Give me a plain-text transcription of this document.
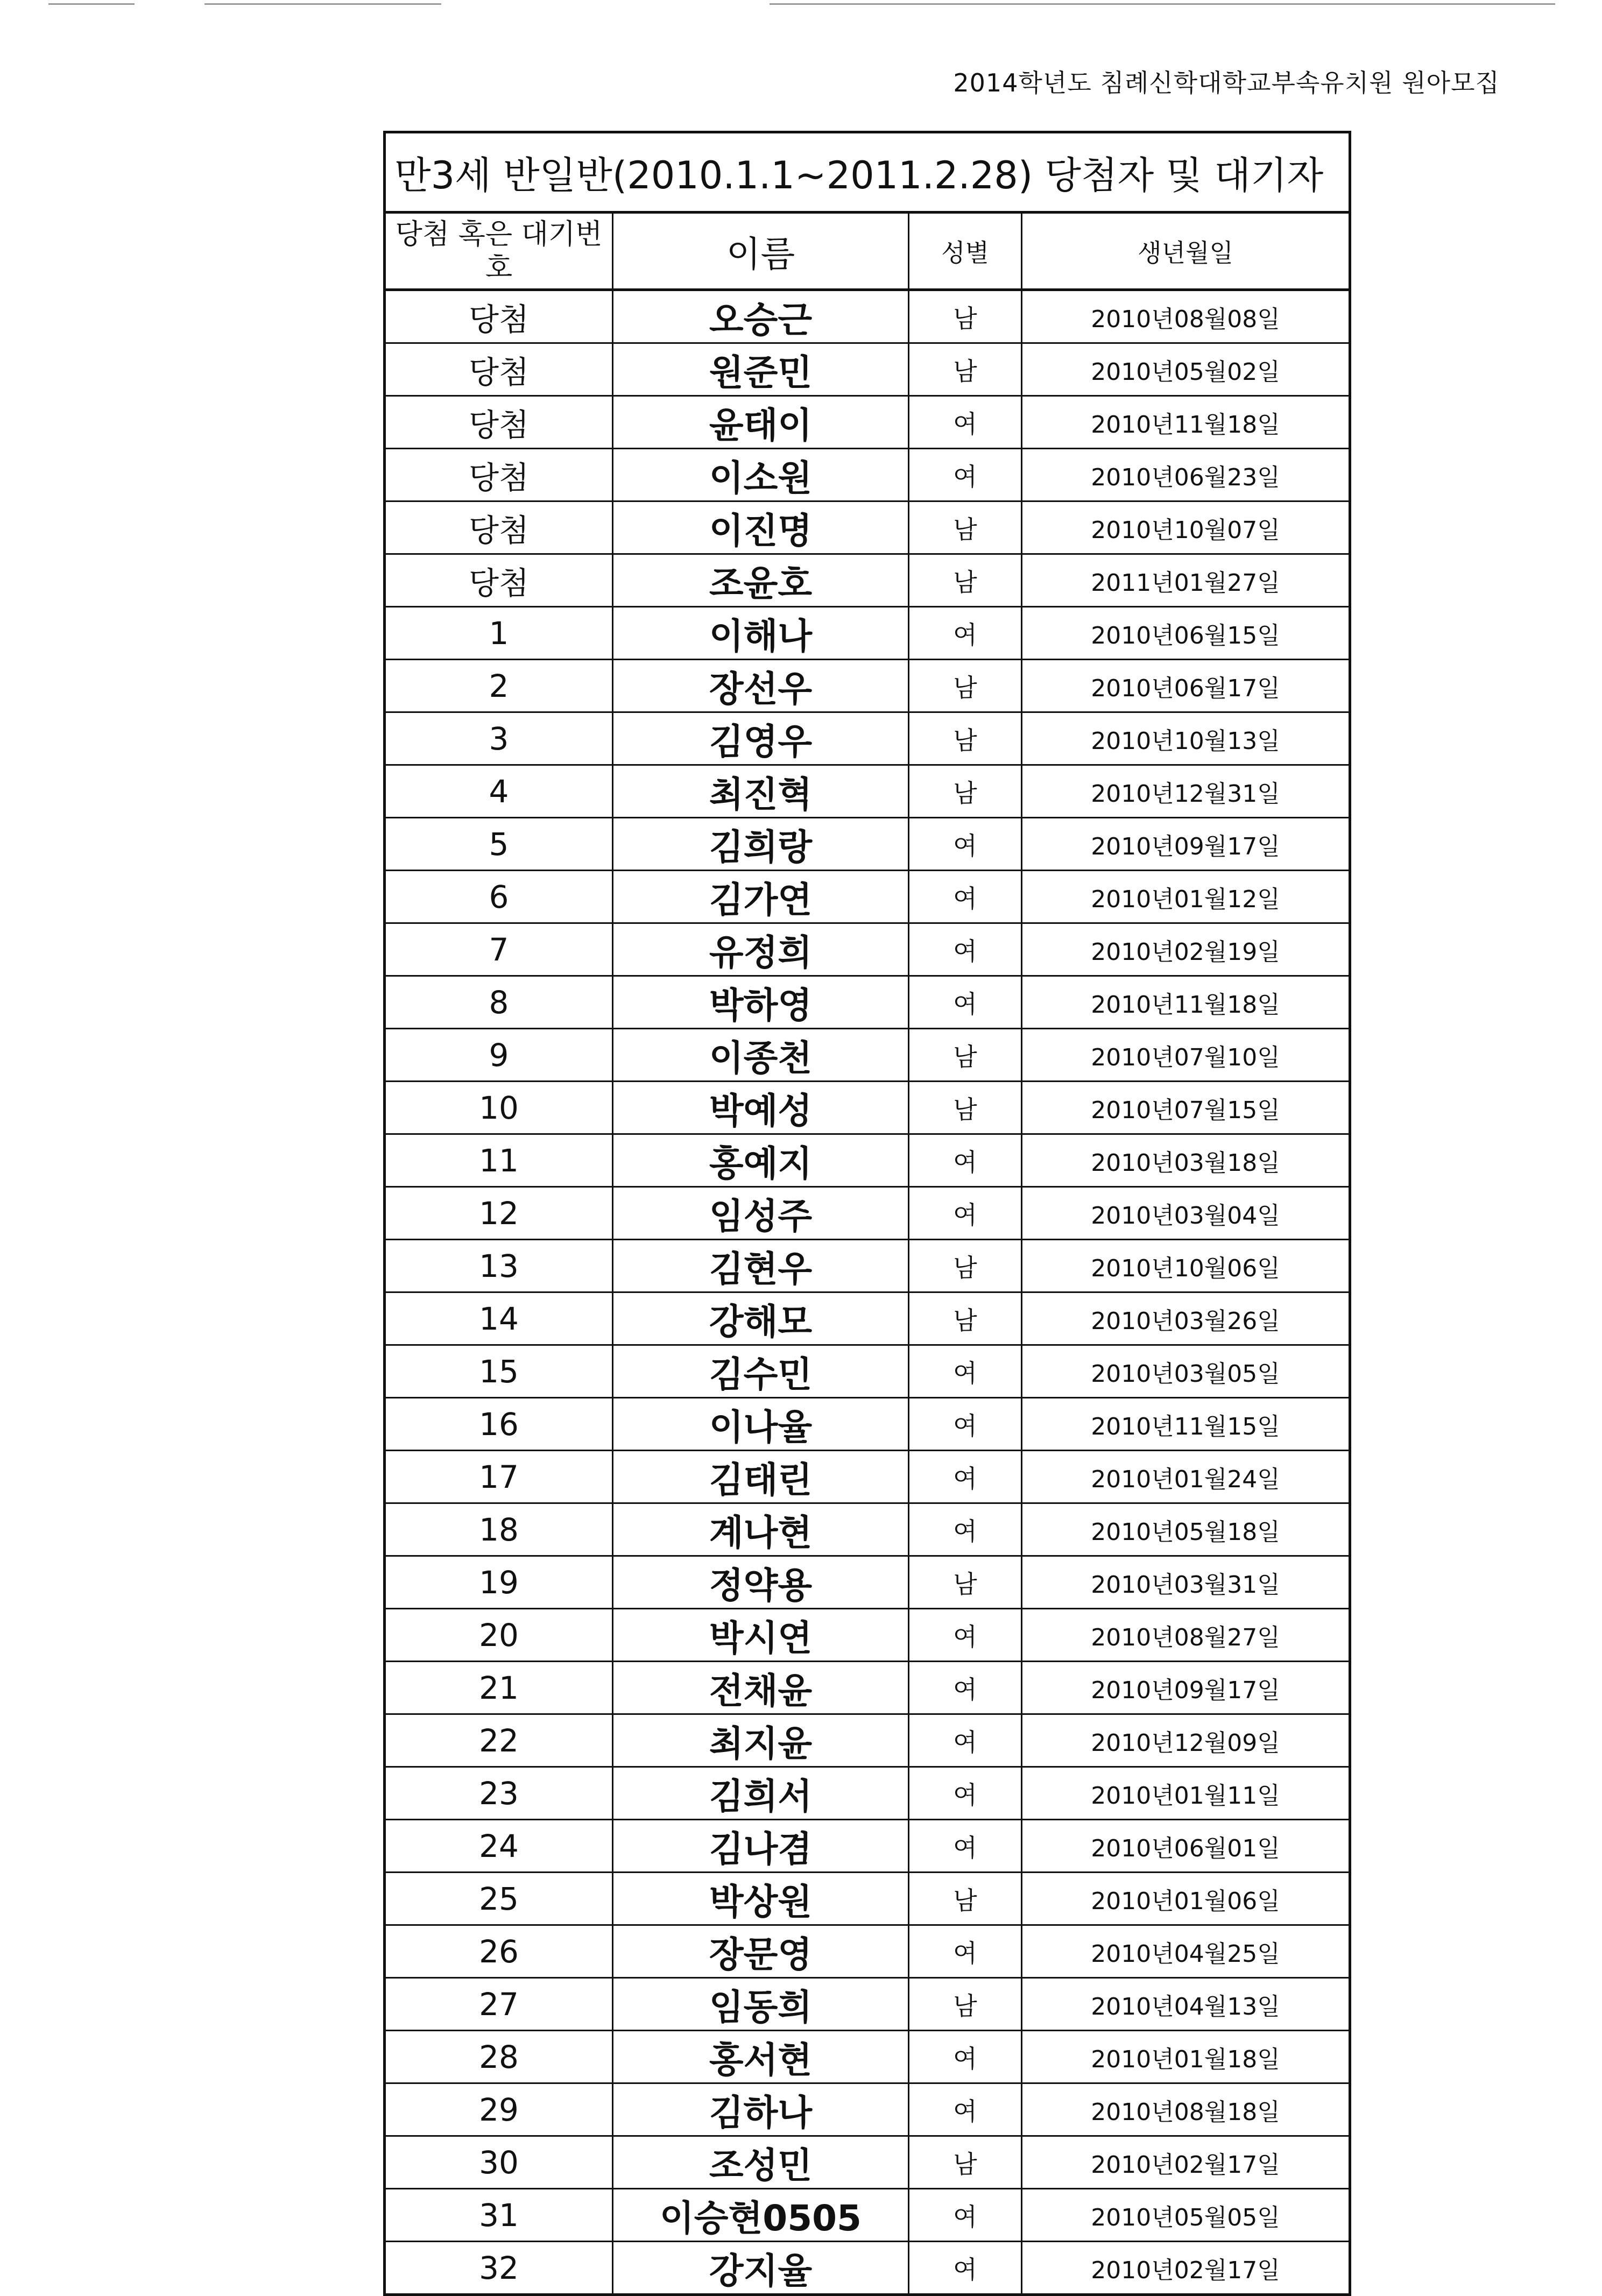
2014학년도 침례신학대학교부속유치원 원아모집
만3세 반일반(2010.1.1~2011.2.28) 당첨자 및 대기자			
당첨 혹은 대기번호	이름	성별	생년월일
당첨	오승근	남	2010년08월08일
당첨	원준민	남	2010년05월02일
당첨	윤태이	여	2010년11월18일
당첨	이소원	여	2010년06월23일
당첨	이진명	남	2010년10월07일
당첨	조윤호	남	2011년01월27일
1	이해나	여	2010년06월15일
2	장선우	남	2010년06월17일
3	김영우	남	2010년10월13일
4	최진혁	남	2010년12월31일
5	김희랑	여	2010년09월17일
6	김가연	여	2010년01월12일
7	유정희	여	2010년02월19일
8	박하영	여	2010년11월18일
9	이종천	남	2010년07월10일
10	박예성	남	2010년07월15일
11	홍예지	여	2010년03월18일
12	임성주	여	2010년03월04일
13	김현우	남	2010년10월06일
14	강해모	남	2010년03월26일
15	김수민	여	2010년03월05일
16	이나율	여	2010년11월15일
17	김태린	여	2010년01월24일
18	계나현	여	2010년05월18일
19	정약용	남	2010년03월31일
20	박시연	여	2010년08월27일
21	전채윤	여	2010년09월17일
22	최지윤	여	2010년12월09일
23	김희서	여	2010년01월11일
24	김나겸	여	2010년06월01일
25	박상원	남	2010년01월06일
26	장문영	여	2010년04월25일
27	임동희	남	2010년04월13일
28	홍서현	여	2010년01월18일
29	김하나	여	2010년08월18일
30	조성민	남	2010년02월17일
31	이승현0505	여	2010년05월05일
32	강지율	여	2010년02월17일
